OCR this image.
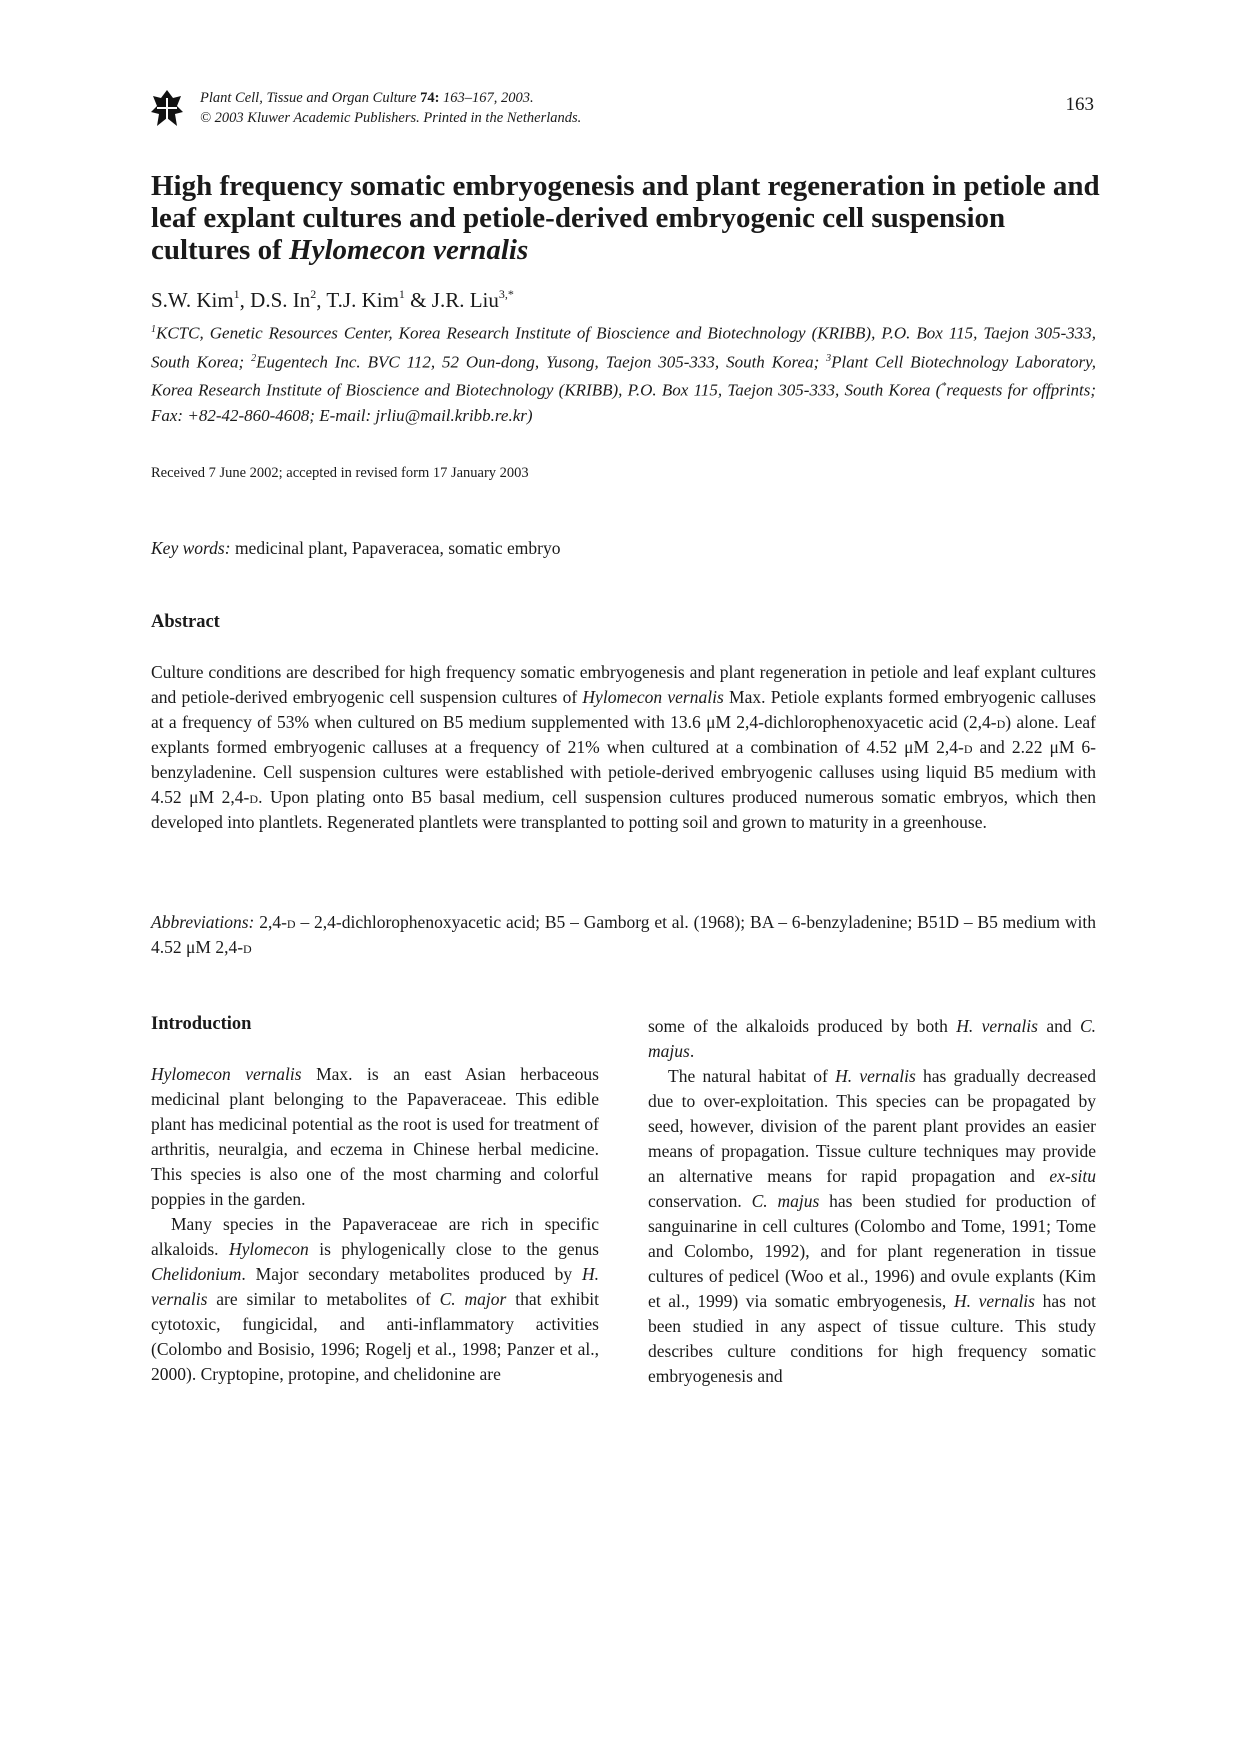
Plant Cell, Tissue and Organ Culture 74: 163–167, 2003.
© 2003 Kluwer Academic Publishers. Printed in the Netherlands.
163
High frequency somatic embryogenesis and plant regeneration in petiole and leaf explant cultures and petiole-derived embryogenic cell suspension cultures of Hylomecon vernalis
S.W. Kim$^1$, D.S. In$^2$, T.J. Kim$^1$ & J.R. Liu$^{3,*}$
$^1$KCTC, Genetic Resources Center, Korea Research Institute of Bioscience and Biotechnology (KRIBB), P.O. Box 115, Taejon 305-333, South Korea; $^2$Eugentech Inc. BVC 112, 52 Oun-dong, Yusong, Taejon 305-333, South Korea; $^3$Plant Cell Biotechnology Laboratory, Korea Research Institute of Bioscience and Biotechnology (KRIBB), P.O. Box 115, Taejon 305-333, South Korea (*requests for offprints; Fax: +82-42-860-4608; E-mail: jrliu@mail.kribb.re.kr)
Received 7 June 2002; accepted in revised form 17 January 2003
Key words: medicinal plant, Papaveracea, somatic embryo
Abstract
Culture conditions are described for high frequency somatic embryogenesis and plant regeneration in petiole and leaf explant cultures and petiole-derived embryogenic cell suspension cultures of Hylomecon vernalis Max. Petiole explants formed embryogenic calluses at a frequency of 53% when cultured on B5 medium supplemented with 13.6 μM 2,4-dichlorophenoxyacetic acid (2,4-d) alone. Leaf explants formed embryogenic calluses at a frequency of 21% when cultured at a combination of 4.52 μM 2,4-d and 2.22 μM 6-benzyladenine. Cell suspension cultures were established with petiole-derived embryogenic calluses using liquid B5 medium with 4.52 μM 2,4-d. Upon plating onto B5 basal medium, cell suspension cultures produced numerous somatic embryos, which then developed into plantlets. Regenerated plantlets were transplanted to potting soil and grown to maturity in a greenhouse.
Abbreviations: 2,4-d – 2,4-dichlorophenoxyacetic acid; B5 – Gamborg et al. (1968); BA – 6-benzyladenine; B51D – B5 medium with 4.52 μM 2,4-d
Introduction

Hylomecon vernalis Max. is an east Asian herbaceous medicinal plant belonging to the Papaveraceae. This edible plant has medicinal potential as the root is used for treatment of arthritis, neuralgia, and eczema in Chinese herbal medicine. This species is also one of the most charming and colorful poppies in the garden.

Many species in the Papaveraceae are rich in specific alkaloids. Hylomecon is phylogenically close to the genus Chelidonium. Major secondary metabolites produced by H. vernalis are similar to metabolites of C. major that exhibit cytotoxic, fungicidal, and anti-inflammatory activities (Colombo and Bosisio, 1996; Rogelj et al., 1998; Panzer et al., 2000). Cryptopine, protopine, and chelidonine are

some of the alkaloids produced by both H. vernalis and C. majus.

The natural habitat of H. vernalis has gradually decreased due to over-exploitation. This species can be propagated by seed, however, division of the parent plant provides an easier means of propagation. Tissue culture techniques may provide an alternative means for rapid propagation and ex-situ conservation. C. majus has been studied for production of sanguinarine in cell cultures (Colombo and Tome, 1991; Tome and Colombo, 1992), and for plant regeneration in tissue cultures of pedicel (Woo et al., 1996) and ovule explants (Kim et al., 1999) via somatic embryogenesis, H. vernalis has not been studied in any aspect of tissue culture. This study describes culture conditions for high frequency somatic embryogenesis and
